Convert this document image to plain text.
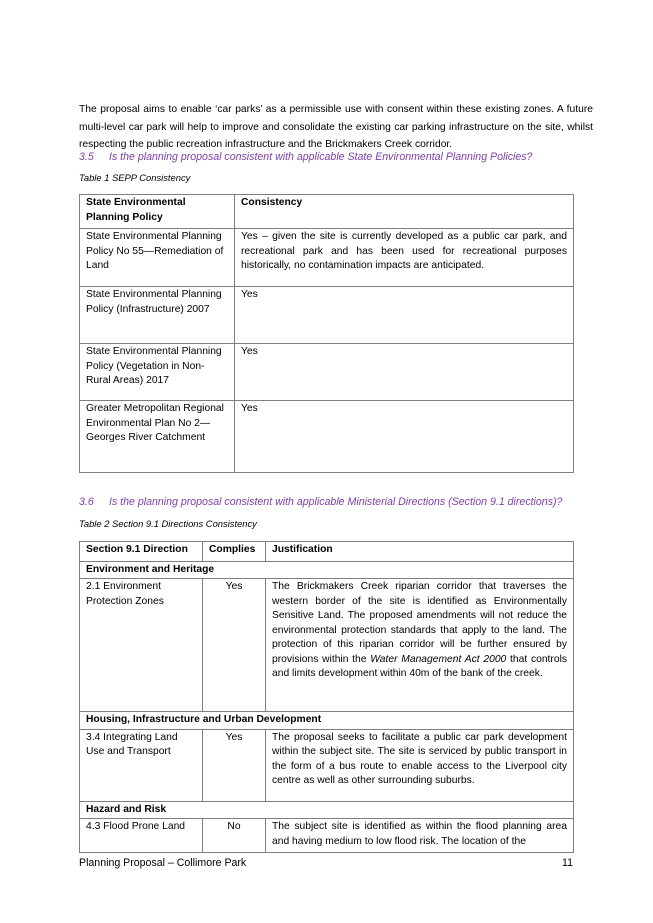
The proposal aims to enable ‘car parks’ as a permissible use with consent within these existing zones. A future multi-level car park will help to improve and consolidate the existing car parking infrastructure on the site, whilst respecting the public recreation infrastructure and the Brickmakers Creek corridor.

3.5 Is the planning proposal consistent with applicable State Environmental Planning Policies?
Table 1 SEPP Consistency
State Environmental Planning Policy	Consistency
State Environmental Planning Policy No 55—Remediation of Land	Yes – given the site is currently developed as a public car park, and recreational park and has been used for recreational purposes historically, no contamination impacts are anticipated.
State Environmental Planning Policy (Infrastructure) 2007	Yes
State Environmental Planning Policy (Vegetation in Non-Rural Areas) 2017	Yes
Greater Metropolitan Regional Environmental Plan No 2—Georges River Catchment	Yes
3.6 Is the planning proposal consistent with applicable Ministerial Directions (Section 9.1 directions)?
Table 2 Section 9.1 Directions Consistency
Section 9.1 Direction	Complies	Justification
Environment and Heritage		
2.1 Environment Protection Zones	Yes	The Brickmakers Creek riparian corridor that traverses the western border of the site is identified as Environmentally Sensitive Land. The proposed amendments will not reduce the environmental protection standards that apply to the land. The protection of this riparian corridor will be further ensured by provisions within the Water Management Act 2000 that controls and limits development within 40m of the bank of the creek.
Housing, Infrastructure and Urban Development		
3.4 Integrating Land Use and Transport	Yes	The proposal seeks to facilitate a public car park development within the subject site. The site is serviced by public transport in the form of a bus route to enable access to the Liverpool city centre as well as other surrounding suburbs.
Hazard and Risk		
4.3 Flood Prone Land	No	The subject site is identified as within the flood planning area and having medium to low flood risk. The location of the
Planning Proposal – Collimore Park	11
